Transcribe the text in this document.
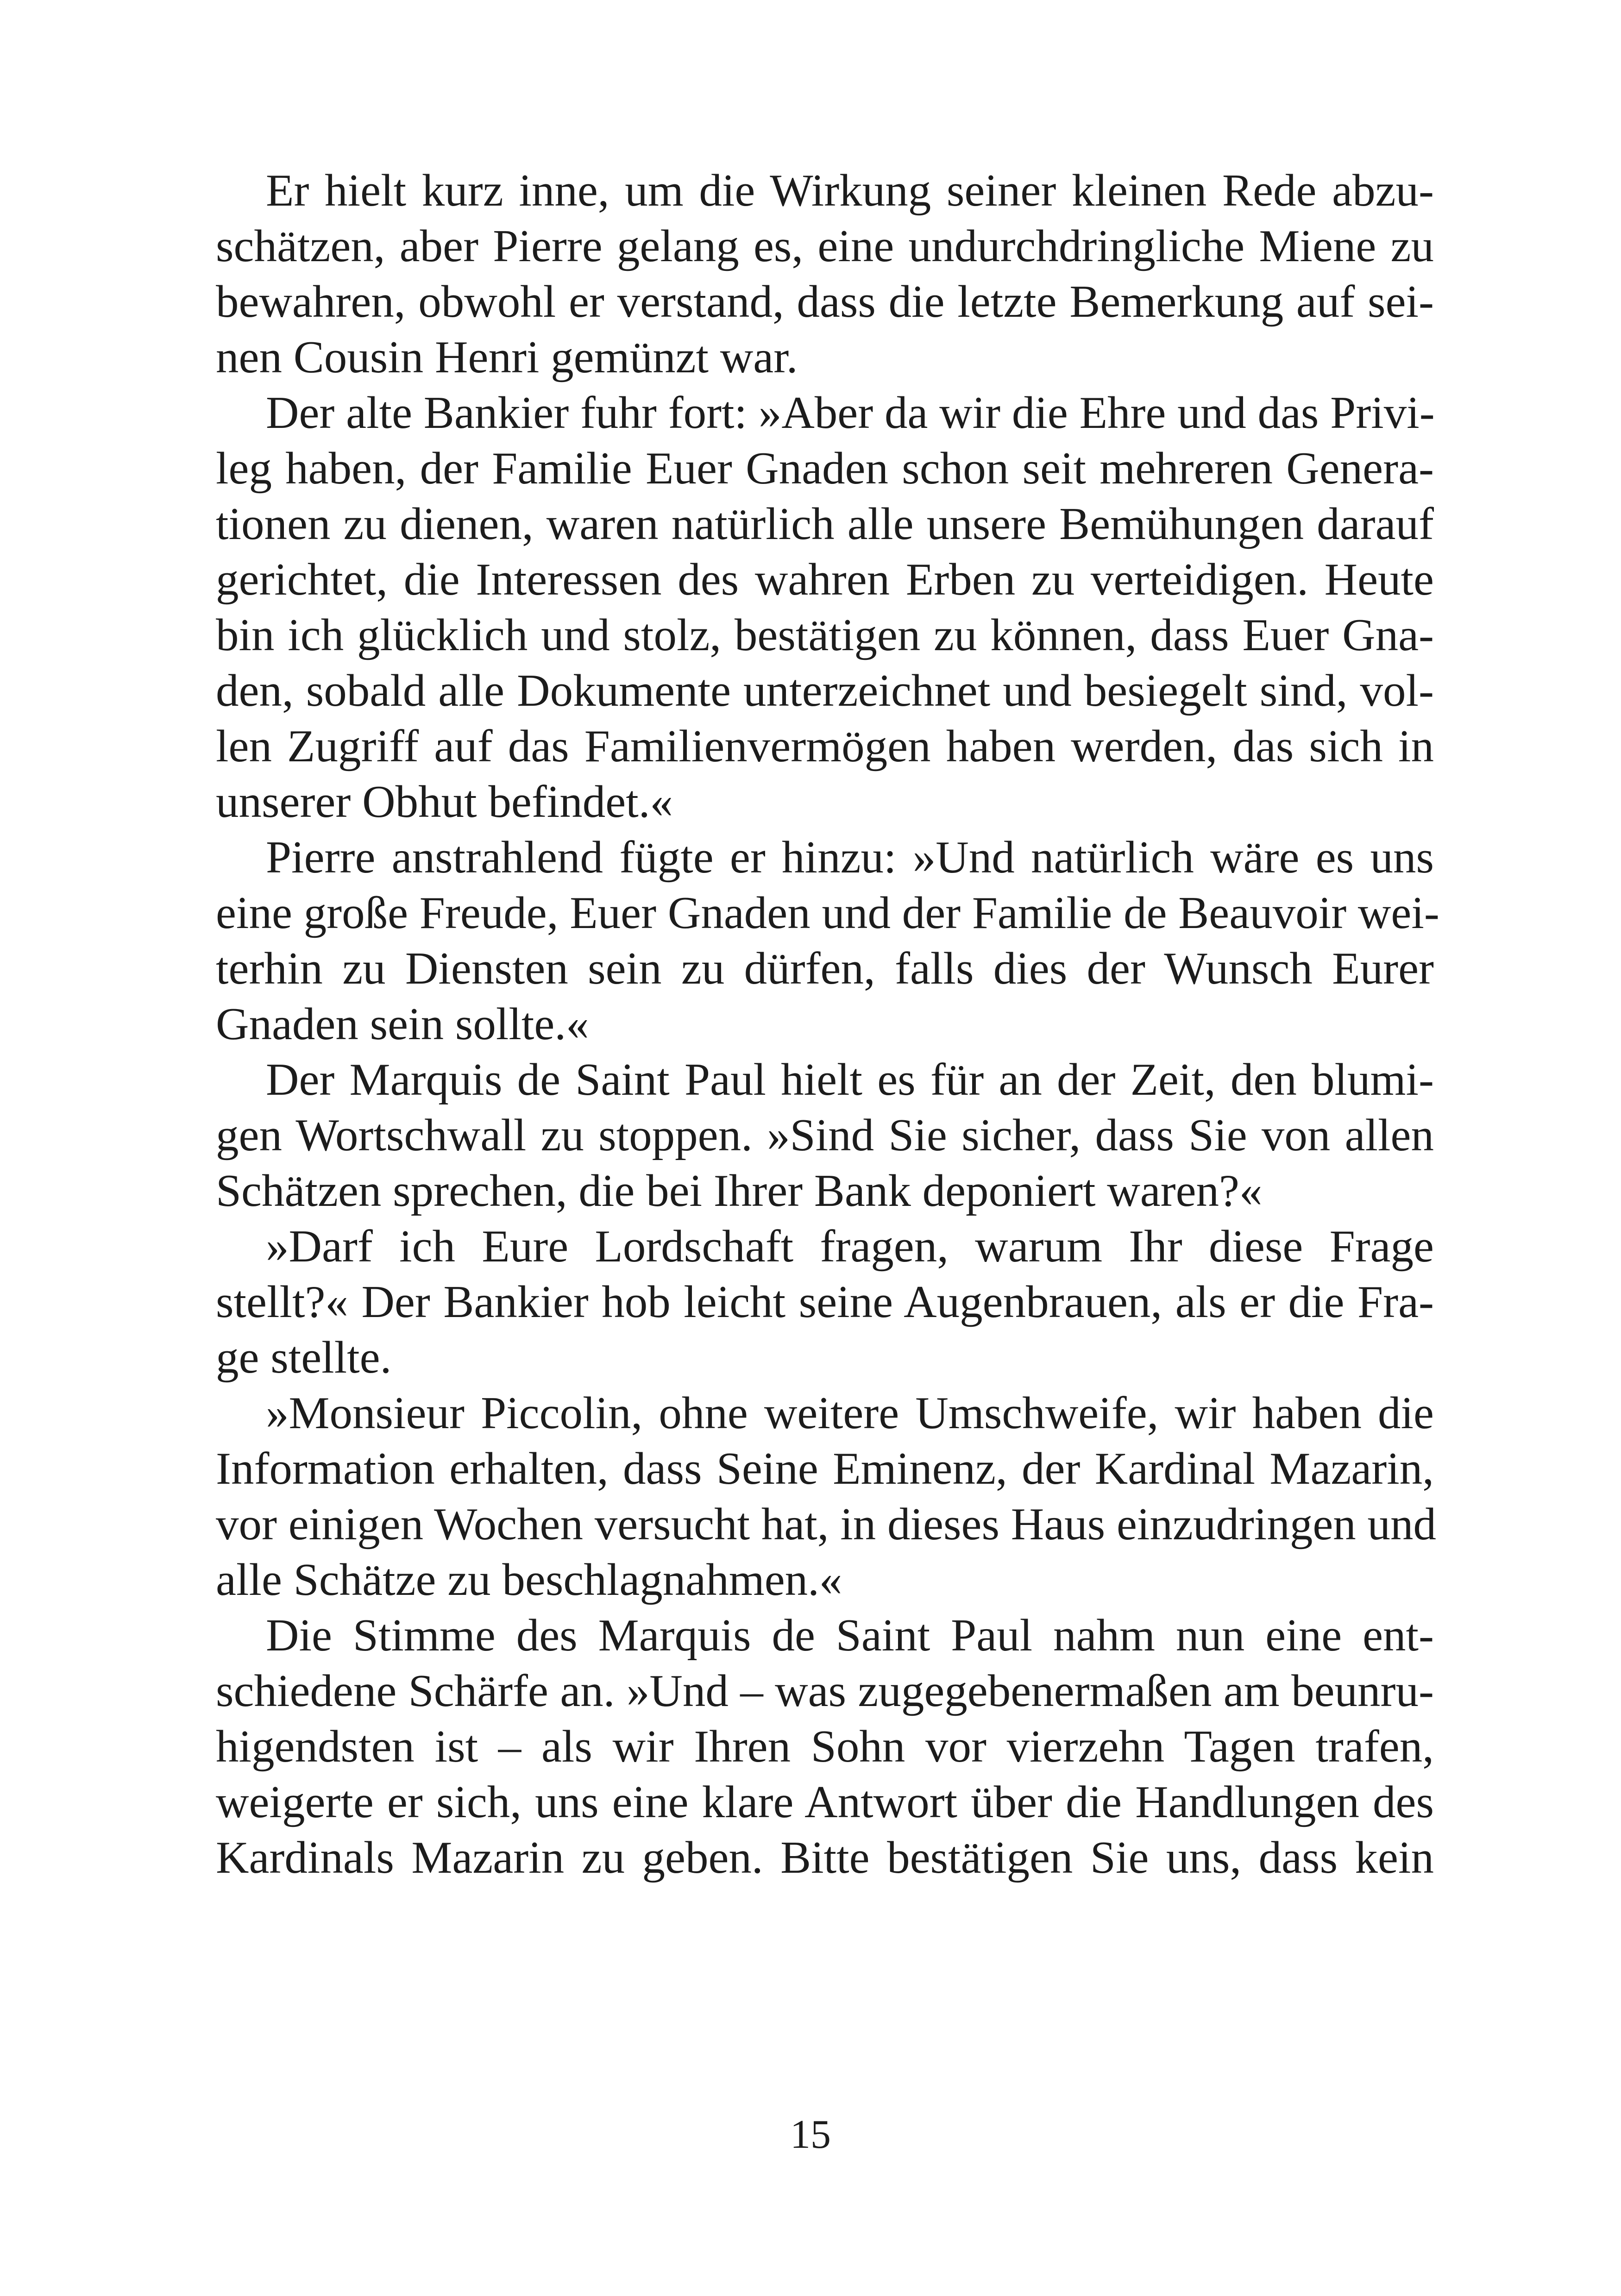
Er hielt kurz inne, um die Wirkung seiner kleinen Rede abzu-
schätzen, aber Pierre gelang es, eine undurchdringliche Miene zu
bewahren, obwohl er verstand, dass die letzte Bemerkung auf sei-
nen Cousin Henri gemünzt war.

Der alte Bankier fuhr fort: »Aber da wir die Ehre und das Privi-
leg haben, der Familie Euer Gnaden schon seit mehreren Genera-
tionen zu dienen, waren natürlich alle unsere Bemühungen darauf
gerichtet, die Interessen des wahren Erben zu verteidigen. Heute
bin ich glücklich und stolz, bestätigen zu können, dass Euer Gna-
den, sobald alle Dokumente unterzeichnet und besiegelt sind, vol-
len Zugriff auf das Familienvermögen haben werden, das sich in
unserer Obhut befindet.«

Pierre anstrahlend fügte er hinzu: »Und natürlich wäre es uns
eine große Freude, Euer Gnaden und der Familie de Beauvoir wei-
terhin zu Diensten sein zu dürfen, falls dies der Wunsch Eurer
Gnaden sein sollte.«

Der Marquis de Saint Paul hielt es für an der Zeit, den blumi-
gen Wortschwall zu stoppen. »Sind Sie sicher, dass Sie von allen
Schätzen sprechen, die bei Ihrer Bank deponiert waren?«

»Darf ich Eure Lordschaft fragen, warum Ihr diese Frage
stellt?« Der Bankier hob leicht seine Augenbrauen, als er die Fra-
ge stellte.

»Monsieur Piccolin, ohne weitere Umschweife, wir haben die
Information erhalten, dass Seine Eminenz, der Kardinal Mazarin,
vor einigen Wochen versucht hat, in dieses Haus einzudringen und
alle Schätze zu beschlagnahmen.«

Die Stimme des Marquis de Saint Paul nahm nun eine ent-
schiedene Schärfe an. »Und – was zugegebenermaßen am beunru-
higendsten ist – als wir Ihren Sohn vor vierzehn Tagen trafen,
weigerte er sich, uns eine klare Antwort über die Handlungen des
Kardinals Mazarin zu geben. Bitte bestätigen Sie uns, dass kein

15
